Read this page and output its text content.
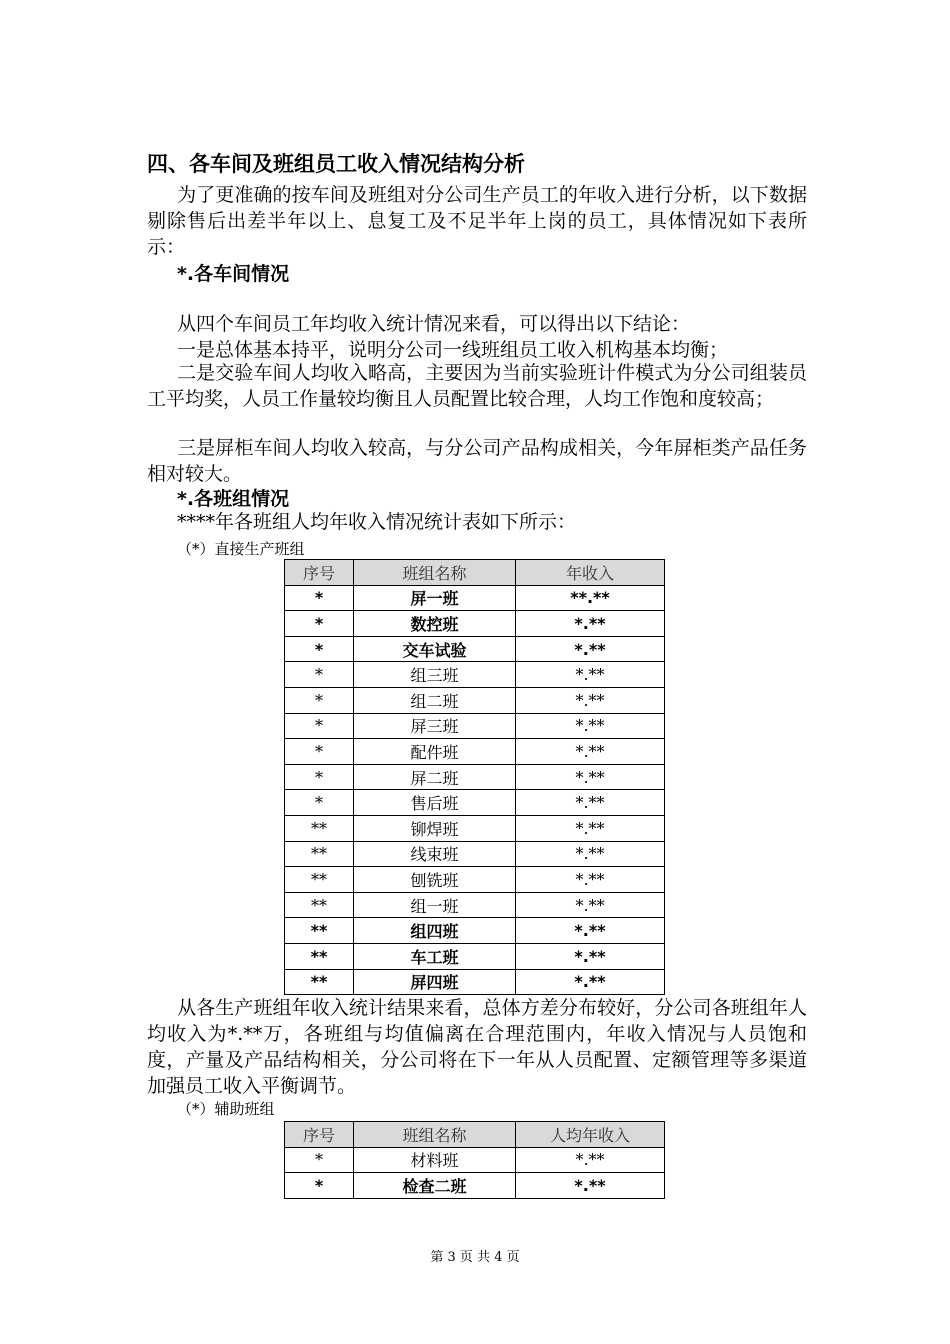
四、各车间及班组员工收入情况结构分析
为了更准确的按车间及班组对分公司生产员工的年收入进行分析，以下数据剔除售后出差半年以上、息复工及不足半年上岗的员工，具体情况如下表所示：
*.各车间情况
从四个车间员工年均收入统计情况来看，可以得出以下结论：
一是总体基本持平，说明分公司一线班组员工收入机构基本均衡；
二是交验车间人均收入略高，主要因为当前实验班计件模式为分公司组装员工平均奖，人员工作量较均衡且人员配置比较合理，人均工作饱和度较高；
三是屏柜车间人均收入较高，与分公司产品构成相关，今年屏柜类产品任务相对较大。
*.各班组情况
****年各班组人均年收入情况统计表如下所示：
（*）直接生产班组
序号	班组名称	年收入
*	屏一班	**.**
*	数控班	*.**
*	交车试验	*.**
*	组三班	*.**
*	组二班	*.**
*	屏三班	*.**
*	配件班	*.**
*	屏二班	*.**
*	售后班	*.**
**	铆焊班	*.**
**	线束班	*.**
**	刨铣班	*.**
**	组一班	*.**
**	组四班	*.**
**	车工班	*.**
**	屏四班	*.**
从各生产班组年收入统计结果来看，总体方差分布较好，分公司各班组年人均收入为*.**万，各班组与均值偏离在合理范围内，年收入情况与人员饱和度，产量及产品结构相关，分公司将在下一年从人员配置、定额管理等多渠道加强员工收入平衡调节。
（*）辅助班组
序号	班组名称	人均年收入
*	材料班	*.**
*	检查二班	*.**
第 3 页 共 4 页
